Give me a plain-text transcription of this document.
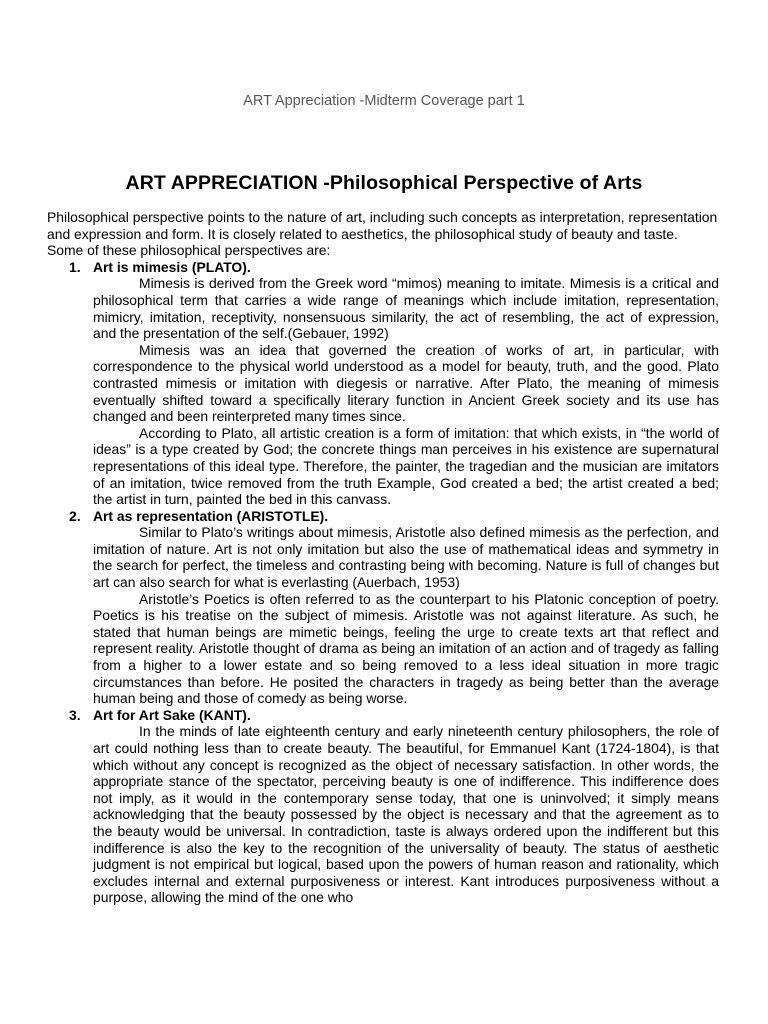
ART Appreciation -Midterm Coverage part 1
ART APPRECIATION -Philosophical Perspective of Arts

Philosophical perspective points to the nature of art, including such concepts as interpretation, representation and expression and form. It is closely related to aesthetics, the philosophical study of beauty and taste.

Some of these philosophical perspectives are:

1. Art is mimesis (PLATO).

Mimesis is derived from the Greek word “mimos) meaning to imitate. Mimesis is a critical and philosophical term that carries a wide range of meanings which include imitation, representation, mimicry, imitation, receptivity, nonsensuous similarity, the act of resembling, the act of expression, and the presentation of the self.(Gebauer, 1992)

Mimesis was an idea that governed the creation of works of art, in particular, with correspondence to the physical world understood as a model for beauty, truth, and the good. Plato contrasted mimesis or imitation with diegesis or narrative. After Plato, the meaning of mimesis eventually shifted toward a specifically literary function in Ancient Greek society and its use has changed and been reinterpreted many times since.

According to Plato, all artistic creation is a form of imitation: that which exists, in “the world of ideas” is a type created by God; the concrete things man perceives in his existence are supernatural representations of this ideal type. Therefore, the painter, the tragedian and the musician are imitators of an imitation, twice removed from the truth Example, God created a bed; the artist created a bed; the artist in turn, painted the bed in this canvass.

2. Art as representation (ARISTOTLE).

Similar to Plato’s writings about mimesis, Aristotle also defined mimesis as the perfection, and imitation of nature. Art is not only imitation but also the use of mathematical ideas and symmetry in the search for perfect, the timeless and contrasting being with becoming. Nature is full of changes but art can also search for what is everlasting (Auerbach, 1953)

Aristotle’s Poetics is often referred to as the counterpart to his Platonic conception of poetry. Poetics is his treatise on the subject of mimesis. Aristotle was not against literature. As such, he stated that human beings are mimetic beings, feeling the urge to create texts art that reflect and represent reality. Aristotle thought of drama as being an imitation of an action and of tragedy as falling from a higher to a lower estate and so being removed to a less ideal situation in more tragic circumstances than before. He posited the characters in tragedy as being better than the average human being and those of comedy as being worse.

3. Art for Art Sake (KANT).

In the minds of late eighteenth century and early nineteenth century philosophers, the role of art could nothing less than to create beauty. The beautiful, for Emmanuel Kant (1724-1804), is that which without any concept is recognized as the object of necessary satisfaction. In other words, the appropriate stance of the spectator, perceiving beauty is one of indifference. This indifference does not imply, as it would in the contemporary sense today, that one is uninvolved; it simply means acknowledging that the beauty possessed by the object is necessary and that the agreement as to the beauty would be universal. In contradiction, taste is always ordered upon the indifferent but this indifference is also the key to the recognition of the universality of beauty. The status of aesthetic judgment is not empirical but logical, based upon the powers of human reason and rationality, which excludes internal and external purposiveness or interest. Kant introduces purposiveness without a purpose, allowing the mind of the one who
